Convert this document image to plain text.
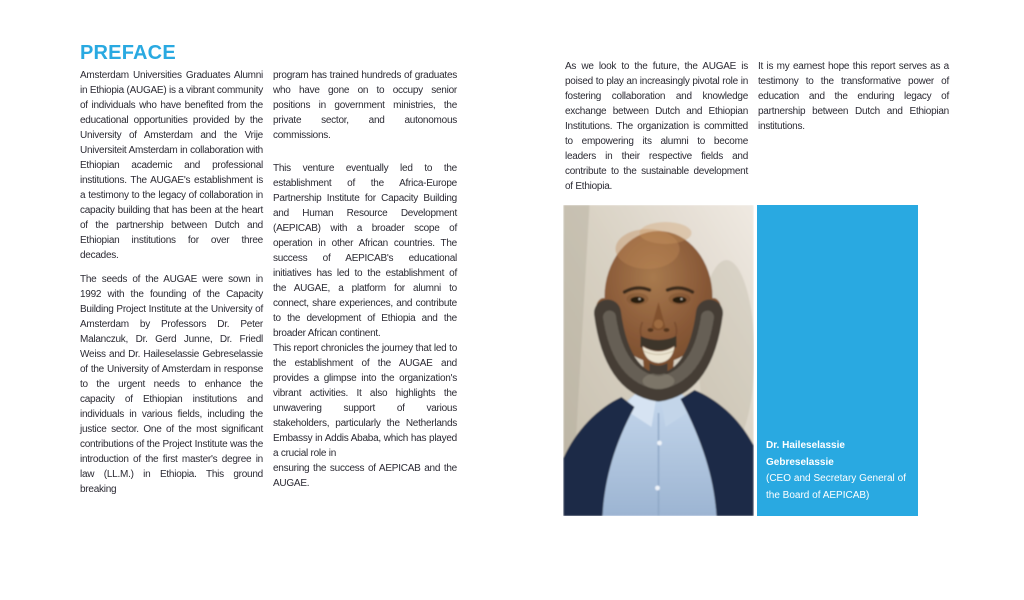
PREFACE

Amsterdam Universities Graduates Alumni in Ethiopia (AUGAE) is a vibrant community of individuals who have benefited from the educational opportunities provided by the University of Amsterdam and the Vrije Universiteit Amsterdam in collaboration with Ethiopian academic and professional institutions. The AUGAE's establishment is a testimony to the legacy of collaboration in capacity building that has been at the heart of the partnership between Dutch and Ethiopian institutions for over three decades.

The seeds of the AUGAE were sown in 1992 with the founding of the Capacity Building Project Institute at the University of Amsterdam by Professors Dr. Peter Malanczuk, Dr. Gerd Junne, Dr. Friedl Weiss and Dr. Haileselassie Gebreselassie of the University of Amsterdam in response to the urgent needs to enhance the capacity of Ethiopian institutions and individuals in various fields, including the justice sector. One of the most significant contributions of the Project Institute was the introduction of the first master's degree in law (LL.M.) in Ethiopia. This ground breaking

program has trained hundreds of graduates who have gone on to occupy senior positions in government ministries, the private sector, and autonomous commissions.

This venture eventually led to the establishment of the Africa-Europe Partnership Institute for Capacity Building and Human Resource Development (AEPICAB) with a broader scope of operation in other African countries. The success of AEPICAB's educational initiatives has led to the establishment of the AUGAE, a platform for alumni to connect, share experiences, and contribute to the development of Ethiopia and the broader African continent.

This report chronicles the journey that led to the establishment of the AUGAE and provides a glimpse into the organization's vibrant activities. It also highlights the unwavering support of various stakeholders, particularly the Netherlands Embassy in Addis Ababa, which has played a crucial role in

ensuring the success of AEPICAB and the AUGAE.

As we look to the future, the AUGAE is poised to play an increasingly pivotal role in fostering collaboration and knowledge exchange between Dutch and Ethiopian Institutions. The organization is committed to empowering its alumni to become leaders in their respective fields and contribute to the sustainable development of Ethiopia.

It is my earnest hope this report serves as a testimony to the transformative power of education and the enduring legacy of partnership between Dutch and Ethiopian institutions.

Dr. Haileselassie Gebreselassie
(CEO and Secretary General of the Board of AEPICAB)
